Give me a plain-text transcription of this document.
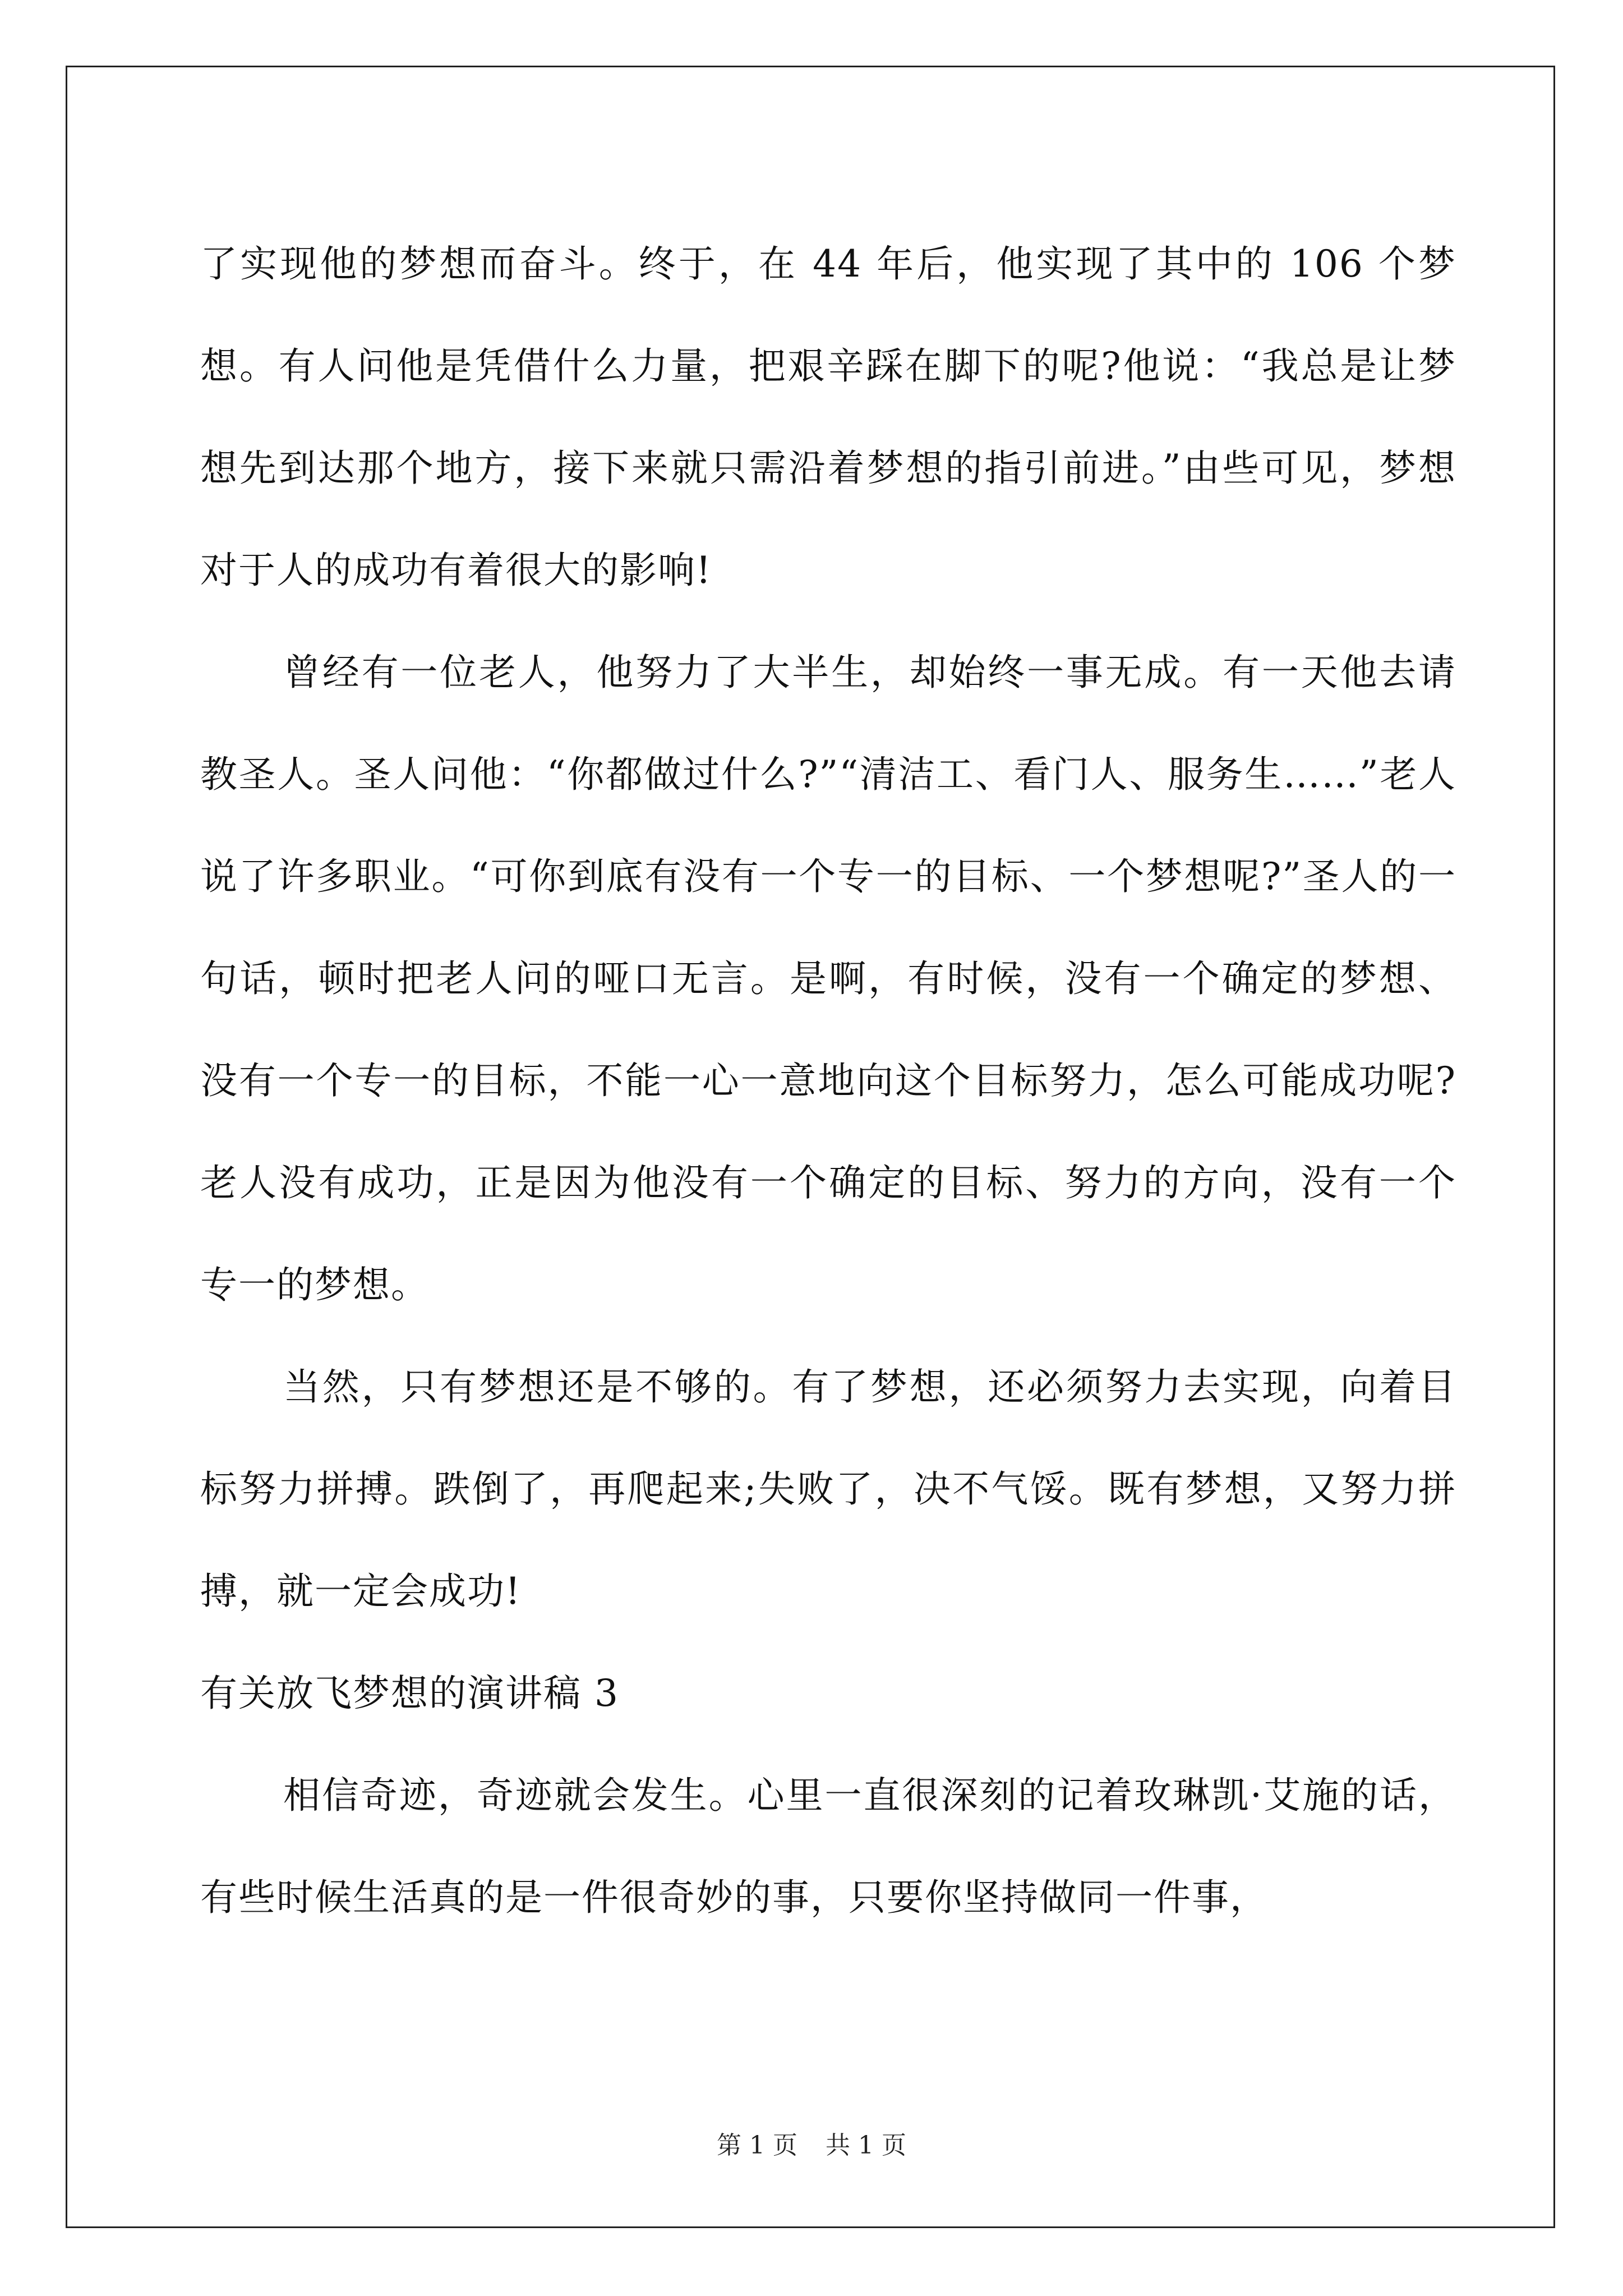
了实现他的梦想而奋斗。终于，在 44 年后，他实现了其中的 106 个梦想。有人问他是凭借什么力量，把艰辛踩在脚下的呢?他说：“我总是让梦想先到达那个地方，接下来就只需沿着梦想的指引前进。”由些可见，梦想对于人的成功有着很大的影响!

曾经有一位老人，他努力了大半生，却始终一事无成。有一天他去请教圣人。圣人问他：“你都做过什么?”“清洁工、看门人、服务生……”老人说了许多职业。“可你到底有没有一个专一的目标、一个梦想呢?”圣人的一句话，顿时把老人问的哑口无言。是啊，有时候，没有一个确定的梦想、没有一个专一的目标，不能一心一意地向这个目标努力，怎么可能成功呢?老人没有成功，正是因为他没有一个确定的目标、努力的方向，没有一个专一的梦想。

当然，只有梦想还是不够的。有了梦想，还必须努力去实现，向着目标努力拼搏。跌倒了，再爬起来;失败了，决不气馁。既有梦想，又努力拼搏，就一定会成功!

有关放飞梦想的演讲稿 3

相信奇迹，奇迹就会发生。心里一直很深刻的记着玫琳凯·艾施的话，有些时候生活真的是一件很奇妙的事，只要你坚持做同一件事，

第 1 页 共 1 页
